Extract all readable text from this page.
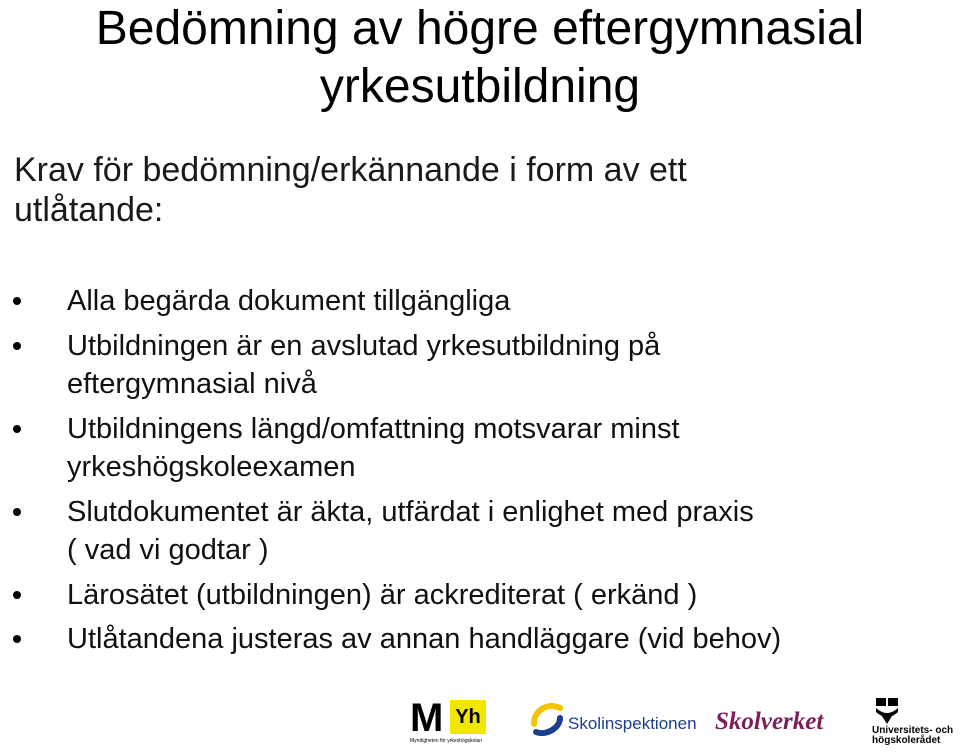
Bedömning av högre eftergymnasial
yrkesutbildning
Krav för bedömning/erkännande i form av ett
utlåtande:
Alla begärda dokument tillgängliga
Utbildningen är en avslutad yrkesutbildning på
eftergymnasial nivå
Utbildningens längd/omfattning motsvarar minst
yrkeshögskoleexamen
Slutdokumentet är äkta, utfärdat i enlighet med praxis
( vad vi godtar )
Lärosätet (utbildningen) är ackrediterat ( erkänd )
Utlåtandena justeras av annan handläggare (vid behov)
M Yh
Myndigheten för yrkeshögskolan
Skolinspektionen Skolverket	Universitets- och
högskolerådet
